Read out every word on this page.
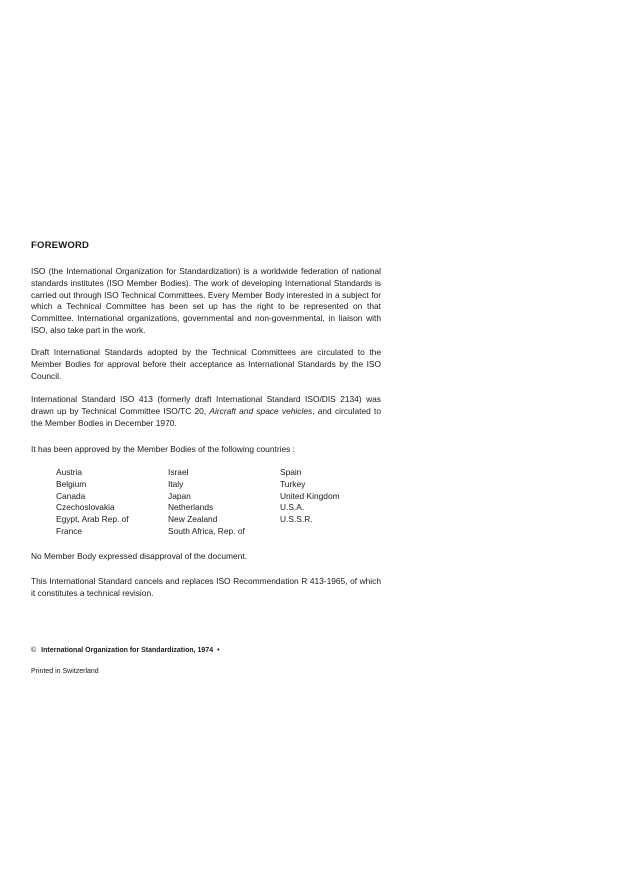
FOREWORD

ISO (the International Organization for Standardization) is a worldwide federation of national standards institutes (ISO Member Bodies). The work of developing International Standards is carried out through ISO Technical Committees. Every Member Body interested in a subject for which a Technical Committee has been set up has the right to be represented on that Committee. International organizations, governmental and non-governmental, in liaison with ISO, also take part in the work.

Draft International Standards adopted by the Technical Committees are circulated to the Member Bodies for approval before their acceptance as International Standards by the ISO Council.

International Standard ISO 413 (formerly draft International Standard ISO/DIS 2134) was drawn up by Technical Committee ISO/TC 20, Aircraft and space vehicles, and circulated to the Member Bodies in December 1970.

It has been approved by the Member Bodies of the following countries :

Austria	Israel	Spain
Belgium	Italy	Turkey
Canada	Japan	United Kingdom
Czechoslovakia	Netherlands	U.S.A.
Egypt, Arab Rep. of	New Zealand	U.S.S.R.
France	South Africa, Rep. of

No Member Body expressed disapproval of the document.

This International Standard cancels and replaces ISO Recommendation R 413-1965, of which it constitutes a technical revision.

© International Organization for Standardization, 1974 •
Printed in Switzerland
